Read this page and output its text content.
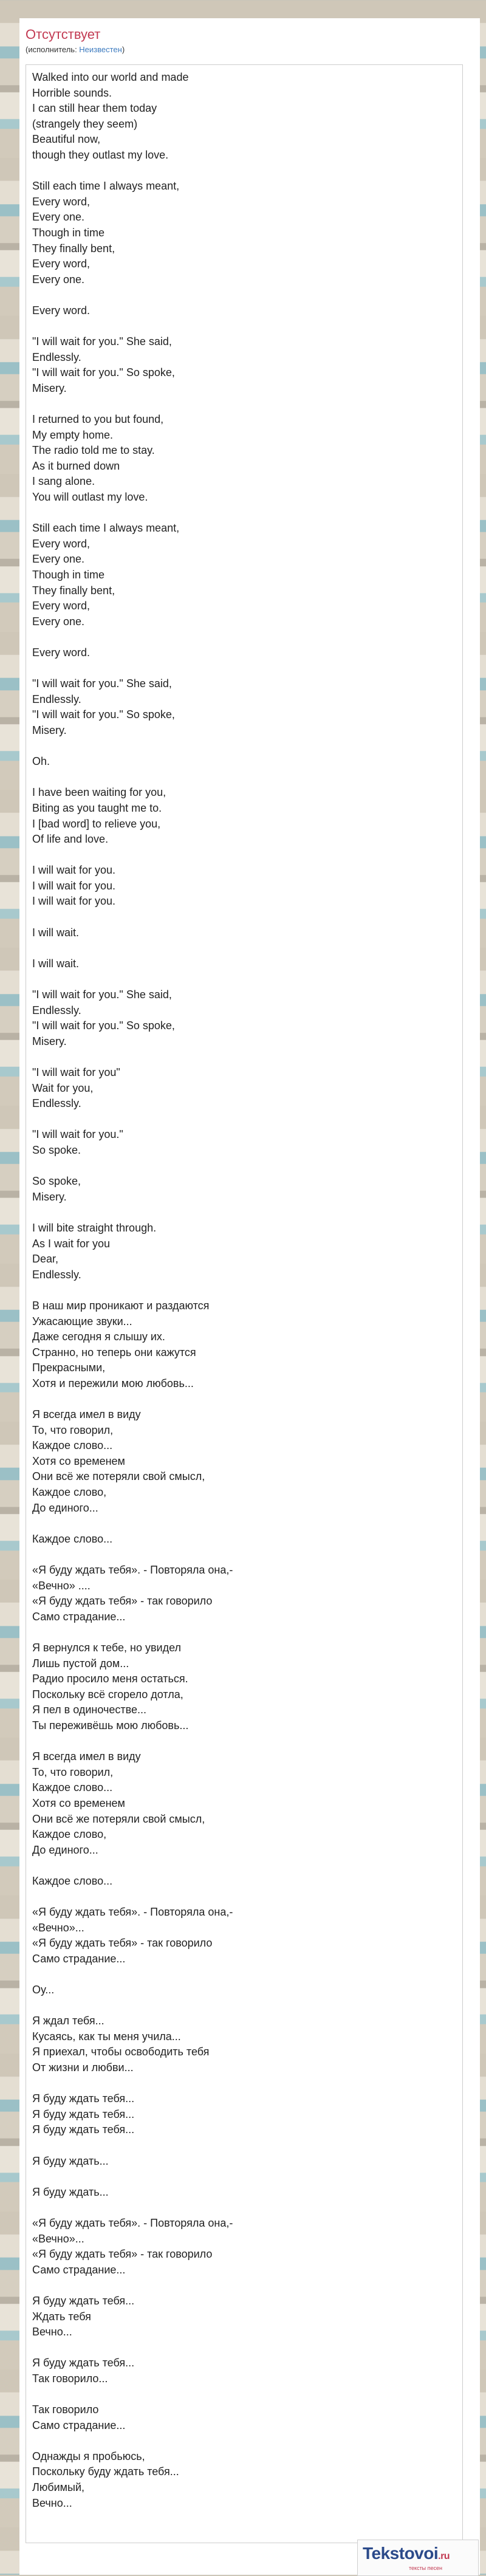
Отсутствует
(исполнитель: Неизвестен)
Walked into our world and made
Horrible sounds.
I can still hear them today
(strangely they seem)
Beautiful now,
though they outlast my love.

Still each time I always meant,
Every word,
Every one.
Though in time
They finally bent,
Every word,
Every one.

Every word.

"I will wait for you." She said,
Endlessly.
"I will wait for you." So spoke,
Misery.

I returned to you but found,
My empty home.
The radio told me to stay.
As it burned down
I sang alone.
You will outlast my love.

Still each time I always meant,
Every word,
Every one.
Though in time
They finally bent,
Every word,
Every one.

Every word.

"I will wait for you." She said,
Endlessly.
"I will wait for you." So spoke,
Misery.

Oh.

I have been waiting for you,
Biting as you taught me to.
I [bad word] to relieve you,
Of life and love.

I will wait for you.
I will wait for you.
I will wait for you.

I will wait.

I will wait.

"I will wait for you." She said,
Endlessly.
"I will wait for you." So spoke,
Misery.

"I will wait for you"
Wait for you,
Endlessly.

"I will wait for you."
So spoke.

So spoke,
Misery.

I will bite straight through.
As I wait for you
Dear,
Endlessly.

В наш мир проникают и раздаются
Ужасающие звуки...
Даже сегодня я слышу их.
Странно, но теперь они кажутся
Прекрасными,
Хотя и пережили мою любовь...

Я всегда имел в виду
То, что говорил,
Каждое слово...
Хотя со временем
Они всё же потеряли свой смысл,
Каждое слово,
До единого...

Каждое слово...

«Я буду ждать тебя». - Повторяла она,-
«Вечно» ....
«Я буду ждать тебя» - так говорило
Само страдание...

Я вернулся к тебе, но увидел
Лишь пустой дом...
Радио просило меня остаться.
Поскольку всё сгорело дотла,
Я пел в одиночестве...
Ты переживёшь мою любовь...

Я всегда имел в виду
То, что говорил,
Каждое слово...
Хотя со временем
Они всё же потеряли свой смысл,
Каждое слово,
До единого...

Каждое слово...

«Я буду ждать тебя». - Повторяла она,-
«Вечно»...
«Я буду ждать тебя» - так говорило
Само страдание...

Оу...

Я ждал тебя...
Кусаясь, как ты меня учила...
Я приехал, чтобы освободить тебя
От жизни и любви...

Я буду ждать тебя...
Я буду ждать тебя...
Я буду ждать тебя...

Я буду ждать...

Я буду ждать...

«Я буду ждать тебя». - Повторяла она,-
«Вечно»...
«Я буду ждать тебя» - так говорило
Само страдание...

Я буду ждать тебя...
Ждать тебя
Вечно...

Я буду ждать тебя...
Так говорило...

Так говорило
Само страдание...

Однажды я пробьюсь,
Поскольку буду ждать тебя...
Любимый,
Вечно...
Tekstovoi.ru
тексты песен
